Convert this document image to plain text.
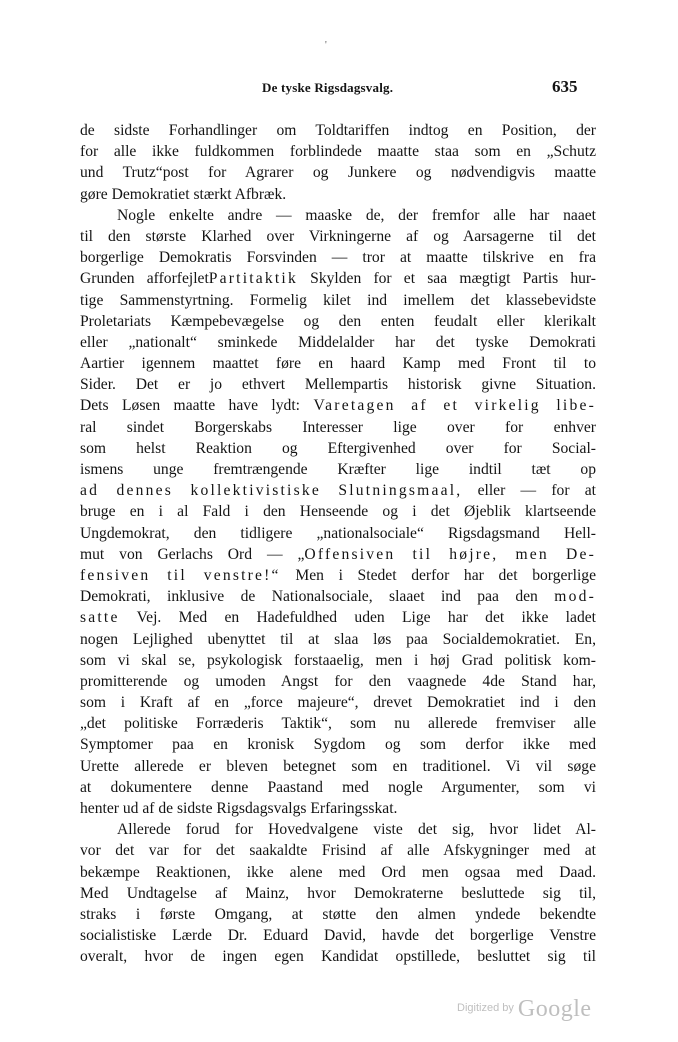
'
De tyske Rigsdagsvalg.	635
de sidste Forhandlinger om Toldtariffen indtog en Position, der
for alle ikke fuldkommen forblindede maatte staa som en „Schutz
und Trutz“post for Agrarer og Junkere og nødvendigvis maatte
gøre Demokratiet stærkt Afbræk.
Nogle enkelte andre — maaske de, der fremfor alle har naaet
til den største Klarhed over Virkningerne af og Aarsagerne til det
borgerlige Demokratis Forsvinden — tror at maatte tilskrive en fra
Grunden afforfejletPartitaktik Skylden for et saa mægtigt Partis hur-
tige Sammenstyrtning. Formelig kilet ind imellem det klassebevidste
Proletariats Kæmpebevægelse og den enten feudalt eller klerikalt
eller „nationalt“ sminkede Middelalder har det tyske Demokrati
Aartier igennem maattet føre en haard Kamp med Front til to
Sider. Det er jo ethvert Mellempartis historisk givne Situation.
Dets Løsen maatte have lydt: Varetagen af et virkelig libe-
ral sindet Borgerskabs Interesser lige over for enhver
som helst Reaktion og Eftergivenhed over for Social-
ismens unge fremtrængende Kræfter lige indtil tæt op
ad dennes kollektivistiske Slutningsmaal, eller — for at
bruge en i al Fald i den Henseende og i det Øjeblik klartseende
Ungdemokrat, den tidligere „nationalsociale“ Rigsdagsmand Hell-
mut von Gerlachs Ord — „Offensiven til højre, men De-
fensiven til venstre!“ Men i Stedet derfor har det borgerlige
Demokrati, inklusive de Nationalsociale, slaaet ind paa den mod-
satte Vej. Med en Hadefuldhed uden Lige har det ikke ladet
nogen Lejlighed ubenyttet til at slaa løs paa Socialdemokratiet. En,
som vi skal se, psykologisk forstaaelig, men i høj Grad politisk kom-
promitterende og umoden Angst for den vaagnede 4de Stand har,
som i Kraft af en „force majeure“, drevet Demokratiet ind i den
„det politiske Forræderis Taktik“, som nu allerede fremviser alle
Symptomer paa en kronisk Sygdom og som derfor ikke med
Urette allerede er bleven betegnet som en traditionel. Vi vil søge
at dokumentere denne Paastand med nogle Argumenter, som vi
henter ud af de sidste Rigsdagsvalgs Erfaringsskat.
Allerede forud for Hovedvalgene viste det sig, hvor lidet Al-
vor det var for det saakaldte Frisind af alle Afskygninger med at
bekæmpe Reaktionen, ikke alene med Ord men ogsaa med Daad.
Med Undtagelse af Mainz, hvor Demokraterne besluttede sig til,
straks i første Omgang, at støtte den almen yndede bekendte
socialistiske Lærde Dr. Eduard David, havde det borgerlige Venstre
overalt, hvor de ingen egen Kandidat opstillede, besluttet sig til
$^{Digitized by}$ Google
